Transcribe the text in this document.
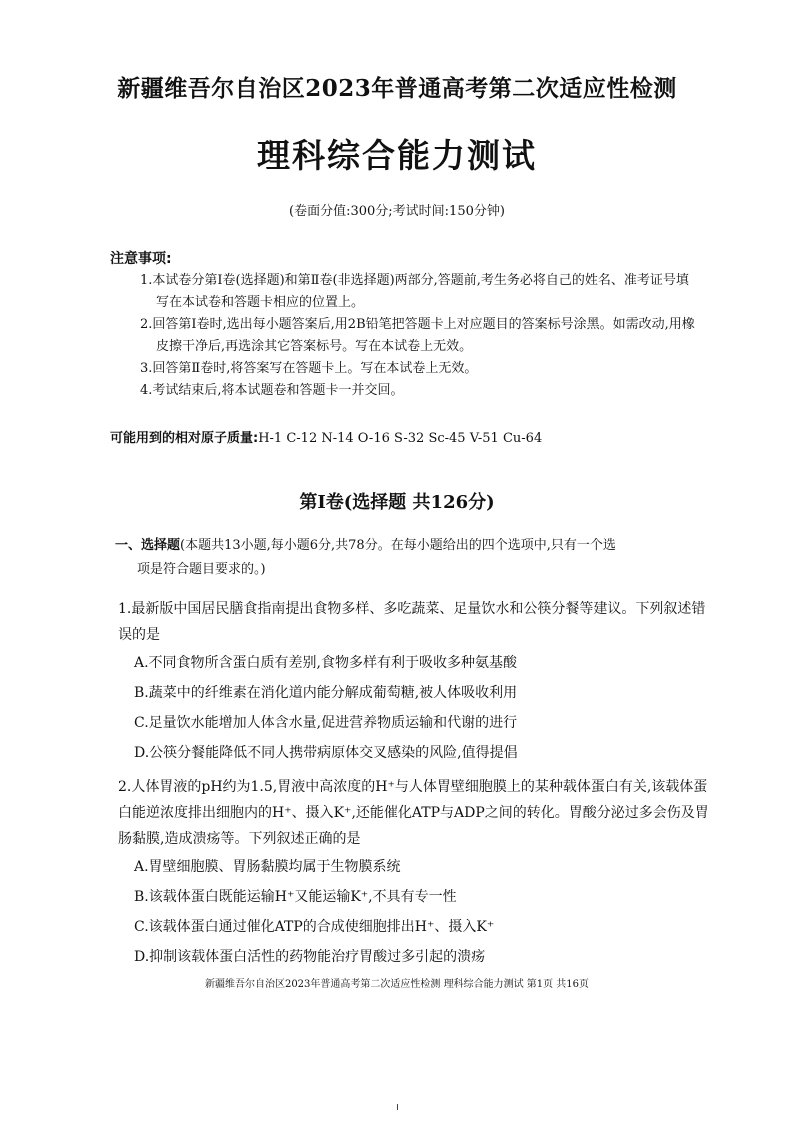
新疆维吾尔自治区2023年普通高考第二次适应性检测
理科综合能力测试
(卷面分值:300分;考试时间:150分钟)
注意事项:

1.本试卷分第Ⅰ卷(选择题)和第Ⅱ卷(非选择题)两部分,答题前,考生务必将自己的姓名、准考证号填写在本试卷和答题卡相应的位置上。

2.回答第Ⅰ卷时,选出每小题答案后,用2B铅笔把答题卡上对应题目的答案标号涂黑。如需改动,用橡皮擦干净后,再选涂其它答案标号。写在本试卷上无效。

3.回答第Ⅱ卷时,将答案写在答题卡上。写在本试卷上无效。

4.考试结束后,将本试题卷和答题卡一并交回。

可能用到的相对原子质量:H-1 C-12 N-14 O-16 S-32 Sc-45 V-51 Cu-64
第Ⅰ卷(选择题 共126分)
一、选择题(本题共13小题,每小题6分,共78分。在每小题给出的四个选项中,只有一个选
项是符合题目要求的。)

1.最新版中国居民膳食指南提出食物多样、多吃蔬菜、足量饮水和公筷分餐等建议。下列叙述错误的是

A.不同食物所含蛋白质有差别,食物多样有利于吸收多种氨基酸

B.蔬菜中的纤维素在消化道内能分解成葡萄糖,被人体吸收利用

C.足量饮水能增加人体含水量,促进营养物质运输和代谢的进行

D.公筷分餐能降低不同人携带病原体交叉感染的风险,值得提倡

2.人体胃液的pH约为1.5,胃液中高浓度的H⁺与人体胃壁细胞膜上的某种载体蛋白有关,该载体蛋白能逆浓度排出细胞内的H⁺、摄入K⁺,还能催化ATP与ADP之间的转化。胃酸分泌过多会伤及胃肠黏膜,造成溃疡等。下列叙述正确的是

A.胃壁细胞膜、胃肠黏膜均属于生物膜系统

B.该载体蛋白既能运输H⁺又能运输K⁺,不具有专一性

C.该载体蛋白通过催化ATP的合成使细胞排出H⁺、摄入K⁺

D.抑制该载体蛋白活性的药物能治疗胃酸过多引起的溃疡

新疆维吾尔自治区2023年普通高考第二次适应性检测 理科综合能力测试 第1页 共16页
